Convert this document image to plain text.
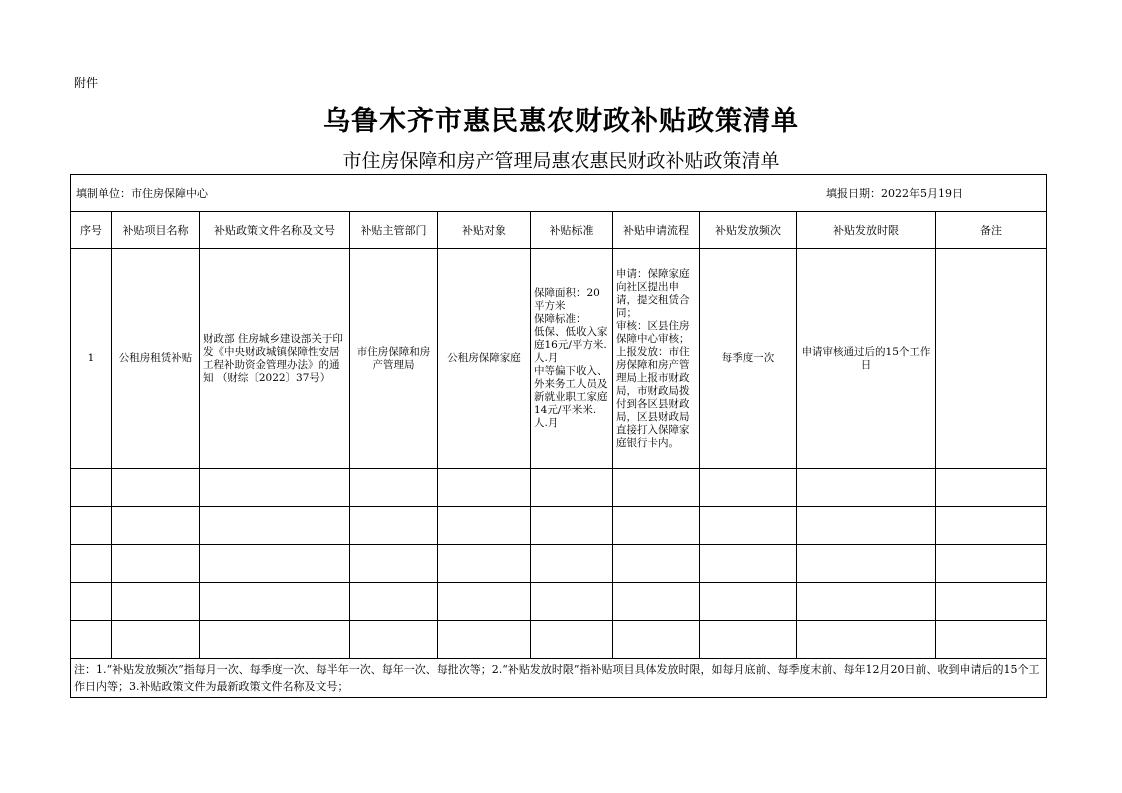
附件
乌鲁木齐市惠民惠农财政补贴政策清单
市住房保障和房产管理局惠农惠民财政补贴政策清单
填制单位：市住房保障中心 填报日期：2022年5月19日									

序号	补贴项目名称	补贴政策文件名称及文号	补贴主管部门	补贴对象	补贴标准	补贴申请流程	补贴发放频次	补贴发放时限	备注
1	公租房租赁补贴	财政部 住房城乡建设部关于印发《中央财政城镇保障性安居工程补助资金管理办法》的通知 （财综〔2022〕37号）	市住房保障和房产管理局	公租房保障家庭	保障面积：20平方米
保障标准：
低保、低收入家庭16元/平方米.人.月
中等偏下收入、外来务工人员及新就业职工家庭14元/平米米.人.月	申请：保障家庭向社区提出申请，提交租赁合同；
审核：区县住房保障中心审核；
上报发放：市住房保障和房产管理局上报市财政局，市财政局拨付到各区县财政局，区县财政局直接打入保障家庭银行卡内。	每季度一次	申请审核通过后的15个工作日	

注：1.“补贴发放频次”指每月一次、每季度一次、每半年一次、每年一次、每批次等；2.“补贴发放时限”指补贴项目具体发放时限，如每月底前、每季度末前、每年12月20日前、收到申请后的15个工作日内等；3.补贴政策文件为最新政策文件名称及文号；									
